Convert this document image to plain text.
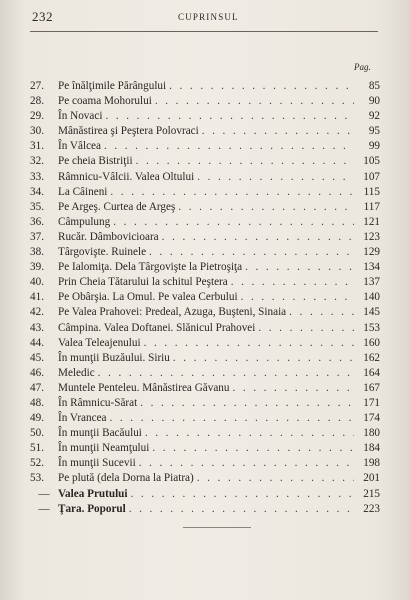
232	CUPRINSUL
Pag.
27.	Pe înălţimile Părângului . . .	85
28.	Pe coama Mohorului . . .	90
29.	În Novaci . . .	92
30.	Mânăstirea şi Peştera Polovraci . . .	95
31.	În Vâlcea . . .	99
32.	Pe cheia Bistriţii . . .	105
33.	Râmnicu-Vâlcii. Valea Oltului . . .	107
34.	La Câineni . . .	115
35.	Pe Argeş. Curtea de Argeş . . .	117
36.	Câmpulung . . .	121
37.	Rucăr. Dâmbovicioara . . .	123
38.	Târgovişte. Ruinele . . .	129
39.	Pe Ialomiţa. Dela Târgovişte la Pietroşiţa . . .	134
40.	Prin Cheia Tătarului la schitul Peştera . . .	137
41.	Pe Obârşia. La Omul. Pe valea Cerbului . . .	140
42.	Pe Valea Prahovei: Predeal, Azuga, Buşteni, Sinaia . . .	145
43.	Câmpina. Valea Doftanei. Slănicul Prahovei . . .	153
44.	Valea Teleajenului . . .	160
45.	În munţii Buzăului. Siriu . . .	162
46.	Meledic . . .	164
47.	Muntele Penteleu. Mânăstirea Găvanu . . .	167
48.	În Râmnicu-Sărat . . .	171
49.	În Vrancea . . .	174
50.	În munţii Bacăului . . .	180
51.	În munţii Neamţului . . .	184
52.	În munţii Sucevii . . .	198
53.	Pe plută (dela Dorna la Piatra) . . .	201
— Valea Prutului . . .	215
— Ţara. Poporul . . .	223
